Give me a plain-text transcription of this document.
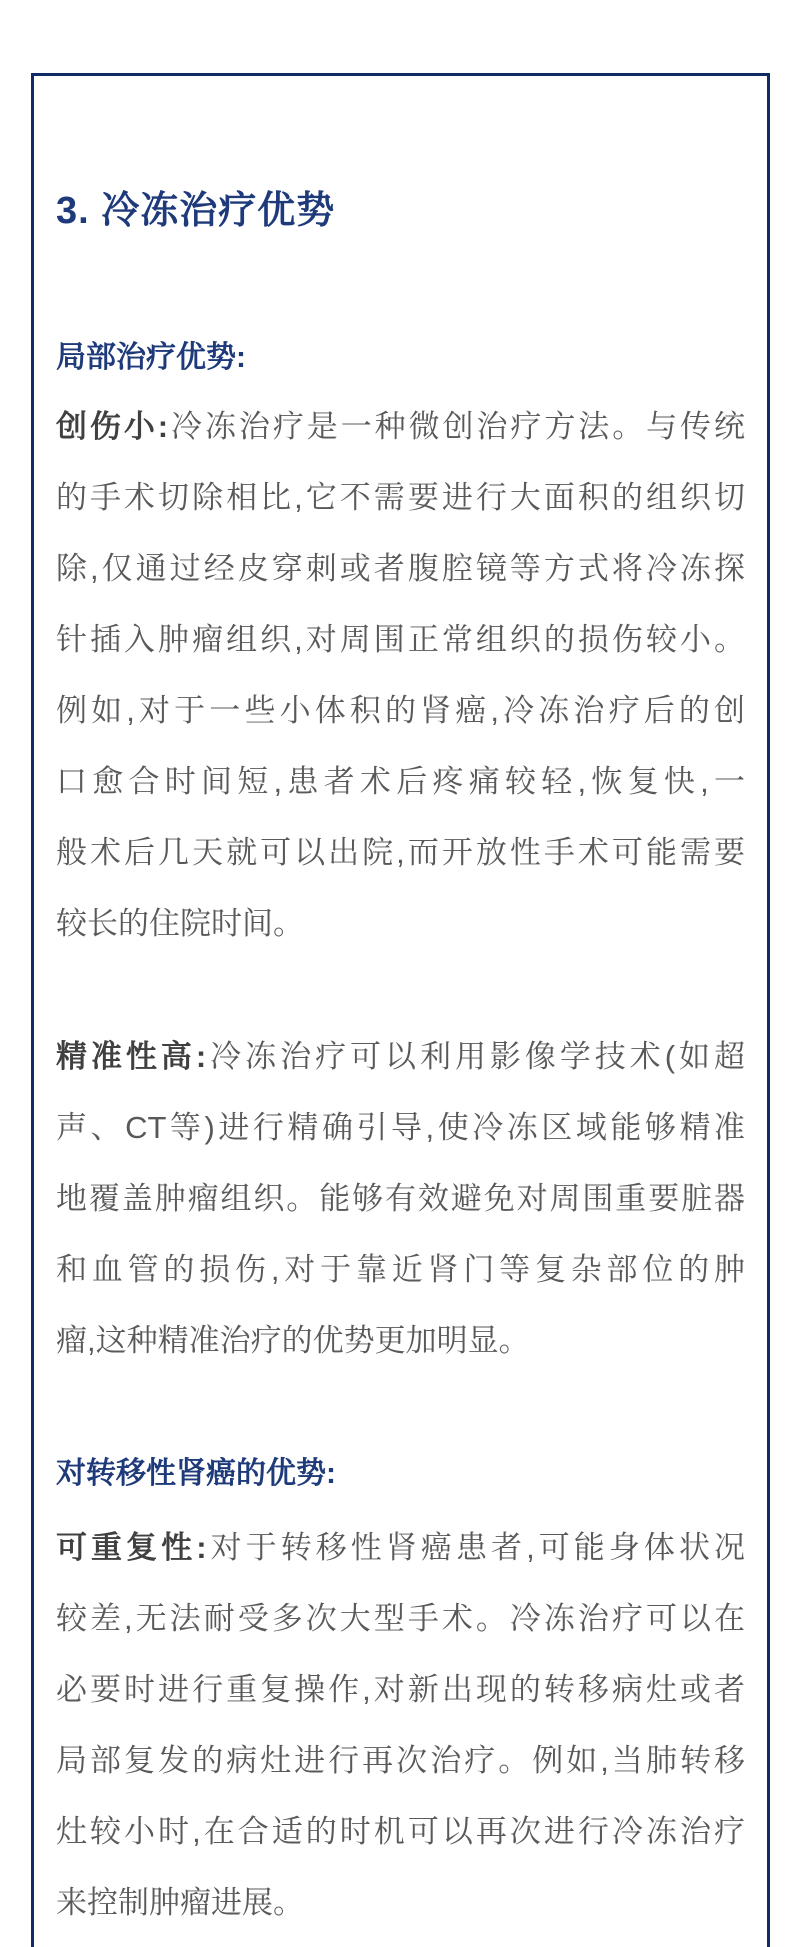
3. 冷冻治疗优势
局部治疗优势:
创伤小:冷冻治疗是一种微创治疗方法。与传统
的手术切除相比,它不需要进行大面积的组织切
除,仅通过经皮穿刺或者腹腔镜等方式将冷冻探
针插入肿瘤组织,对周围正常组织的损伤较小。
例如,对于一些小体积的肾癌,冷冻治疗后的创
口愈合时间短,患者术后疼痛较轻,恢复快,一
般术后几天就可以出院,而开放性手术可能需要
较长的住院时间。
精准性高:冷冻治疗可以利用影像学技术(如超
声、CT等)进行精确引导,使冷冻区域能够精准
地覆盖肿瘤组织。能够有效避免对周围重要脏器
和血管的损伤,对于靠近肾门等复杂部位的肿
瘤,这种精准治疗的优势更加明显。
对转移性肾癌的优势:
可重复性:对于转移性肾癌患者,可能身体状况
较差,无法耐受多次大型手术。冷冻治疗可以在
必要时进行重复操作,对新出现的转移病灶或者
局部复发的病灶进行再次治疗。例如,当肺转移
灶较小时,在合适的时机可以再次进行冷冻治疗
来控制肿瘤进展。
